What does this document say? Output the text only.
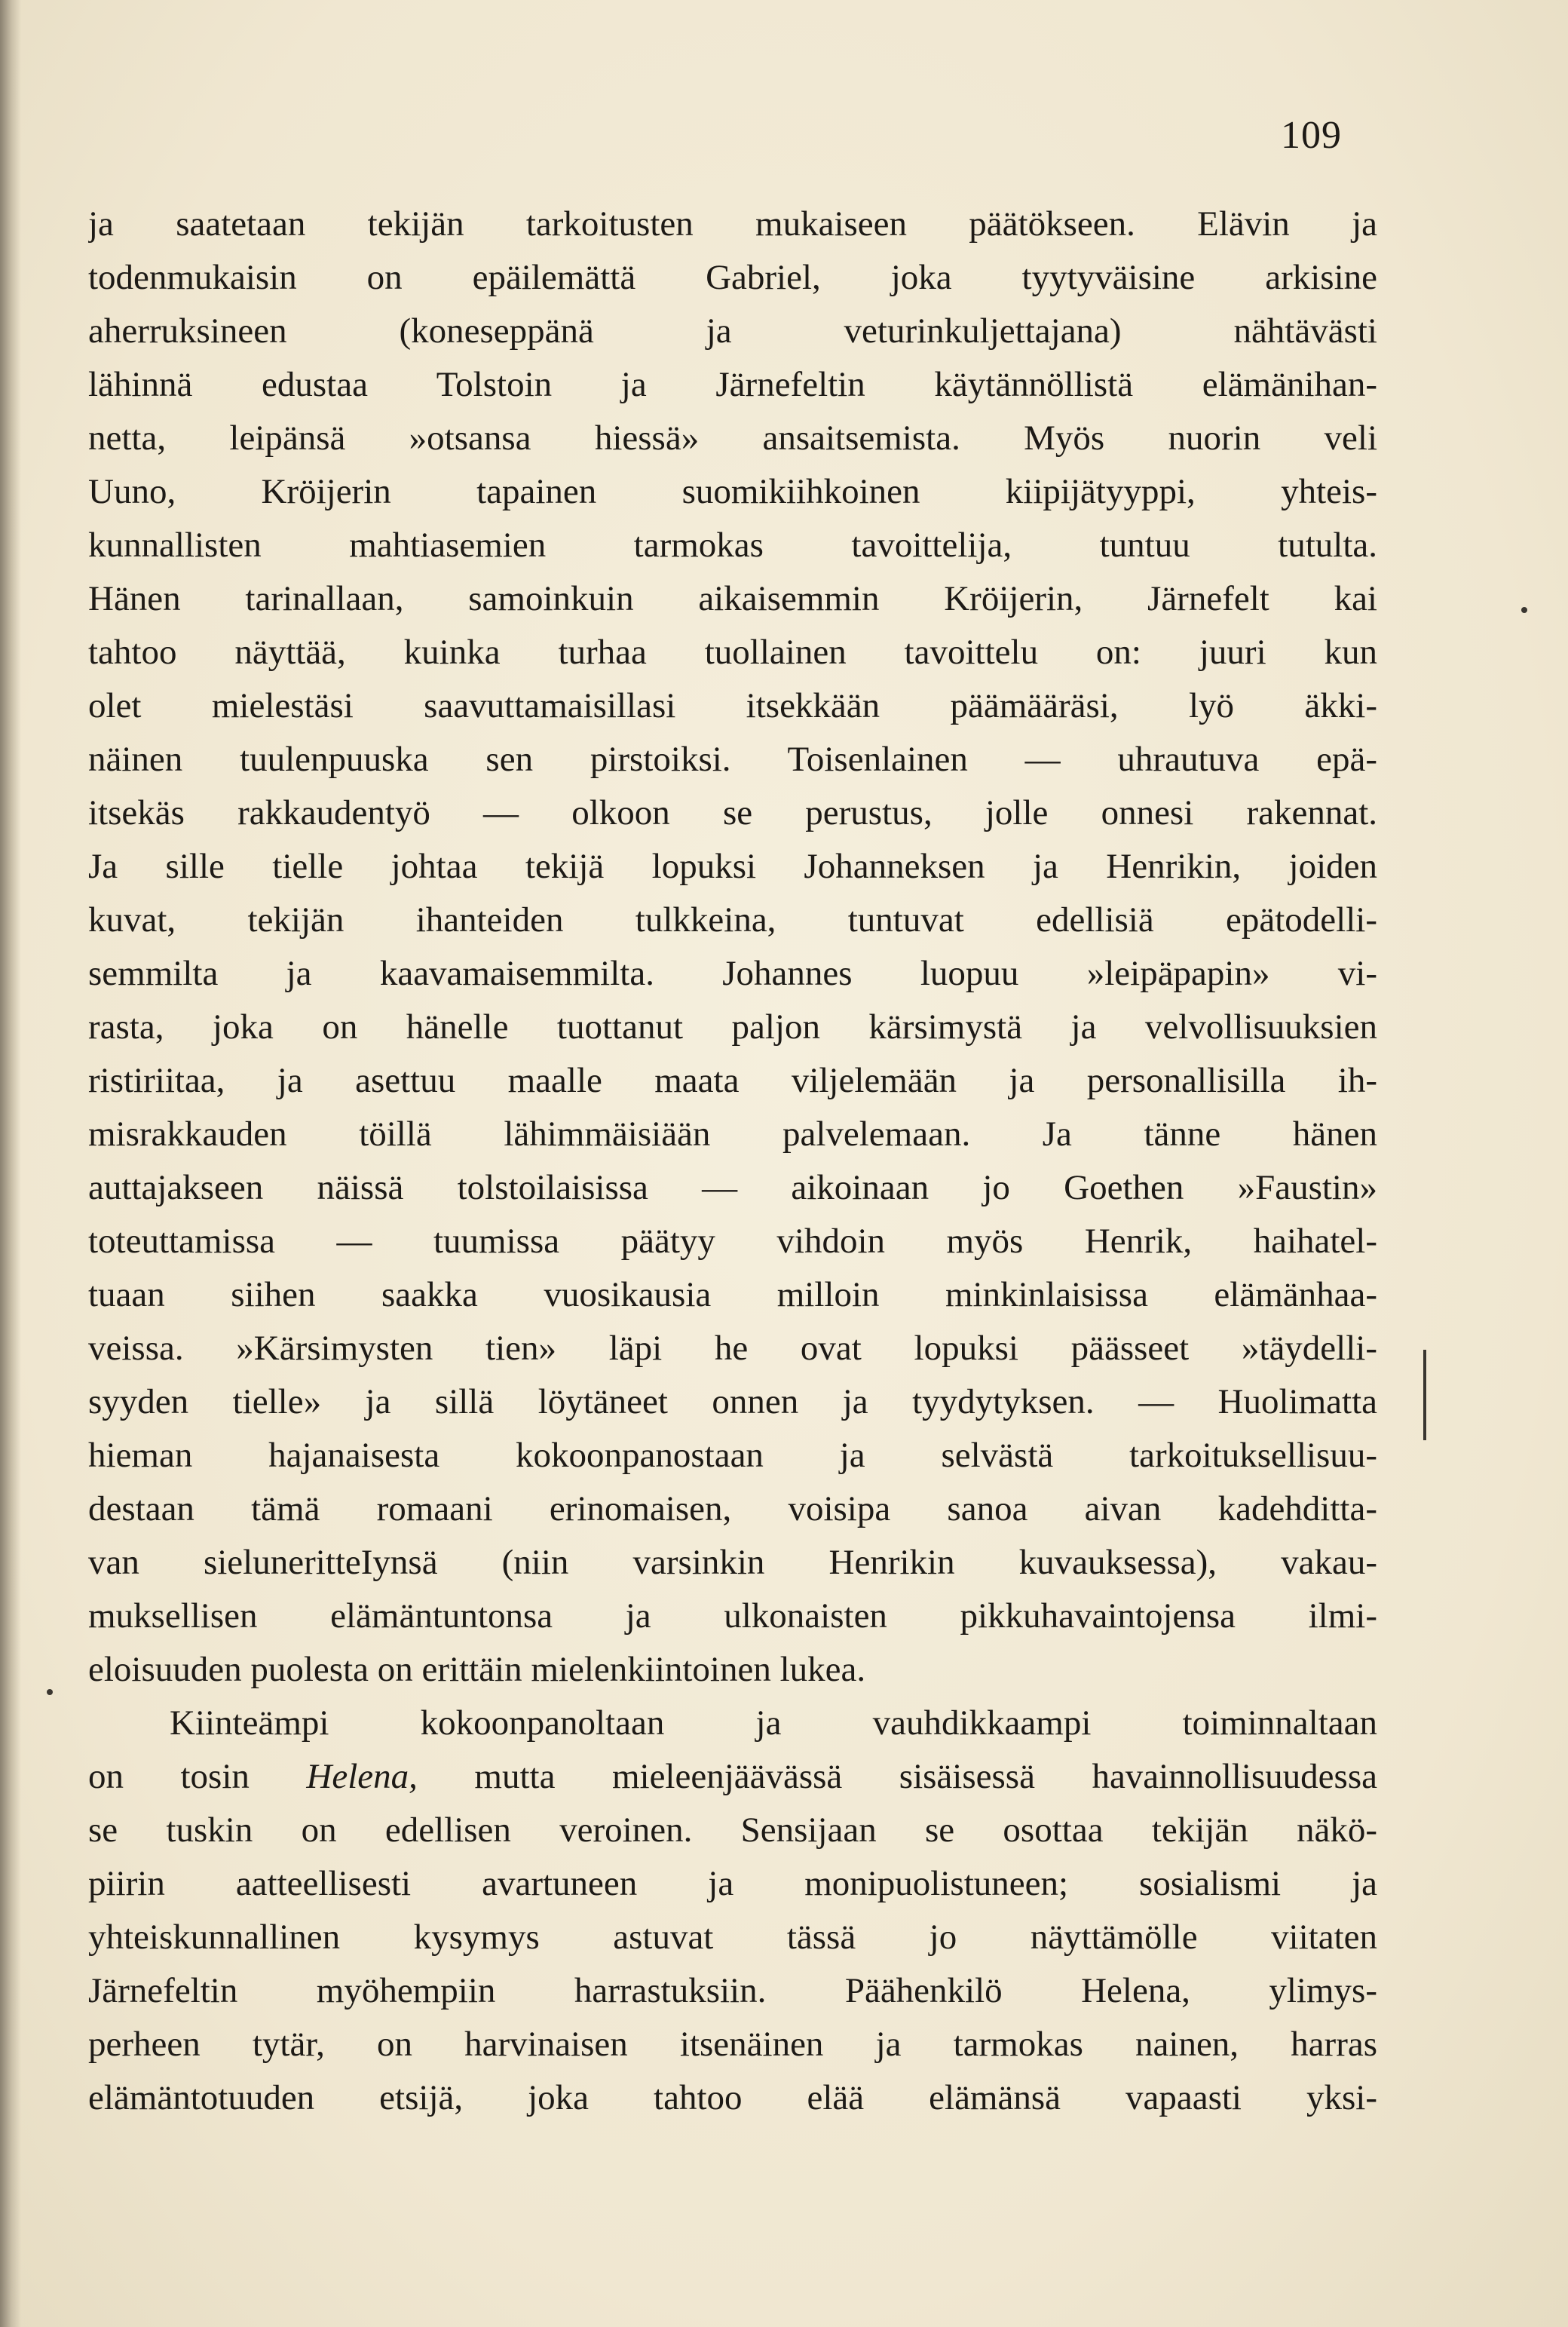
109
ja saatetaan tekijän tarkoitusten mukaiseen päätökseen. Elävin ja
todenmukaisin on epäilemättä Gabriel, joka tyytyväisine arkisine
aherruksineen (koneseppänä ja veturinkuljettajana) nähtävästi
lähinnä edustaa Tolstoin ja Järnefeltin käytännöllistä elämänihan-
netta, leipänsä »otsansa hiessä» ansaitsemista. Myös nuorin veli
Uuno, Kröijerin tapainen suomikiihkoinen kiipijätyyppi, yhteis-
kunnallisten mahtiasemien tarmokas tavoittelija, tuntuu tutulta.
Hänen tarinallaan, samoinkuin aikaisemmin Kröijerin, Järnefelt kai
tahtoo näyttää, kuinka turhaa tuollainen tavoittelu on: juuri kun
olet mielestäsi saavuttamaisillasi itsekkään päämääräsi, lyö äkki-
näinen tuulenpuuska sen pirstoiksi. Toisenlainen — uhrautuva epä-
itsekäs rakkaudentyö — olkoon se perustus, jolle onnesi rakennat.
Ja sille tielle johtaa tekijä lopuksi Johanneksen ja Henrikin, joiden
kuvat, tekijän ihanteiden tulkkeina, tuntuvat edellisiä epätodelli-
semmilta ja kaavamaisemmilta. Johannes luopuu »leipäpapin» vi-
rasta, joka on hänelle tuottanut paljon kärsimystä ja velvollisuuksien
ristiriitaa, ja asettuu maalle maata viljelemään ja personallisilla ih-
misrakkauden töillä lähimmäisiään palvelemaan. Ja tänne hänen
auttajakseen näissä tolstoilaisissa — aikoinaan jo Goethen »Faustin»
toteuttamissa — tuumissa päätyy vihdoin myös Henrik, haihatel-
tuaan siihen saakka vuosikausia milloin minkinlaisissa elämänhaa-
veissa. »Kärsimysten tien» läpi he ovat lopuksi päässeet »täydelli-
syyden tielle» ja sillä löytäneet onnen ja tyydytyksen. — Huolimatta
hieman hajanaisesta kokoonpanostaan ja selvästä tarkoituksellisuu-
destaan tämä romaani erinomaisen, voisipa sanoa aivan kadehditta-
van sieluneritteIynsä (niin varsinkin Henrikin kuvauksessa), vakau-
muksellisen elämäntuntonsa ja ulkonaisten pikkuhavaintojensa ilmi-
eloisuuden puolesta on erittäin mielenkiintoinen lukea.
Kiinteämpi kokoonpanoltaan ja vauhdikkaampi toiminnaltaan
on tosin Helena, mutta mieleenjäävässä sisäisessä havainnollisuudessa
se tuskin on edellisen veroinen. Sensijaan se osottaa tekijän näkö-
piirin aatteellisesti avartuneen ja monipuolistuneen; sosialismi ja
yhteiskunnallinen kysymys astuvat tässä jo näyttämölle viitaten
Järnefeltin myöhempiin harrastuksiin. Päähenkilö Helena, ylimys-
perheen tytär, on harvinaisen itsenäinen ja tarmokas nainen, harras
elämäntotuuden etsijä, joka tahtoo elää elämänsä vapaasti yksi-
